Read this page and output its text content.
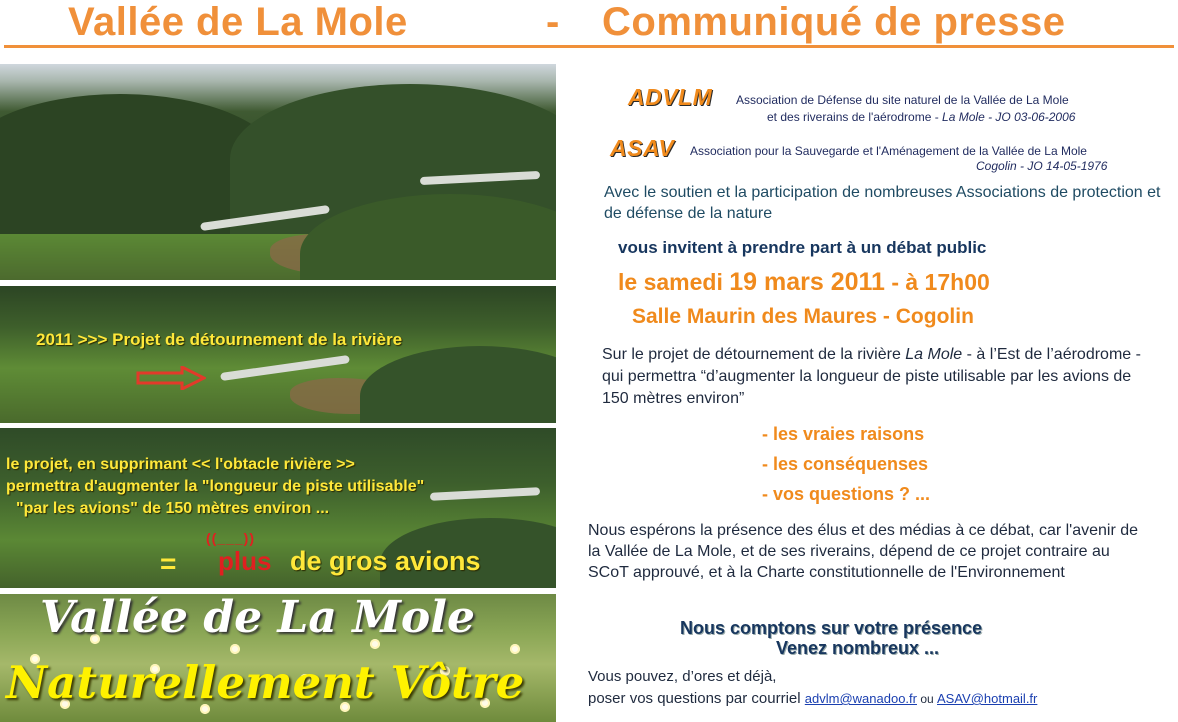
Vallée de La Mole	- Communiqué de presse
2011 >>> Projet de détournement de la rivière
le projet, en supprimant << l'obtacle rivière >>
permettra d'augmenter la "longueur de piste utilisable"
"par les avions" de 150 mètres environ ...
((___))
= plus de gros avions
Vallée de La Mole
Naturellement Vôtre
ADVLM Association de Défense du site naturel de la Vallée de La Mole
et des riverains de l'aérodrome - La Mole - JO 03-06-2006
ASAV Association pour la Sauvegarde et l'Aménagement de la Vallée de La Mole
Cogolin - JO 14-05-1976
Avec le soutien et la participation de nombreuses Associations de protection et de défense de la nature
vous invitent à prendre part à un débat public
le samedi 19 mars 2011 - à 17h00
Salle Maurin des Maures - Cogolin
Sur le projet de détournement de la rivière La Mole - à l’Est de l’aérodrome - qui permettra “d’augmenter la longueur de piste utilisable par les avions de 150 mètres environ”
- les vraies raisons
- les conséquenses
- vos questions ? ...
Nous espérons la présence des élus et des médias à ce débat, car l'avenir de la Vallée de La Mole, et de ses riverains, dépend de ce projet contraire au SCoT approuvé, et à la Charte constitutionnelle de l'Environnement
Nous comptons sur votre présence
Venez nombreux ...
Vous pouvez, d’ores et déjà,
poser vos questions par courriel advlm@wanadoo.fr ou ASAV@hotmail.fr
